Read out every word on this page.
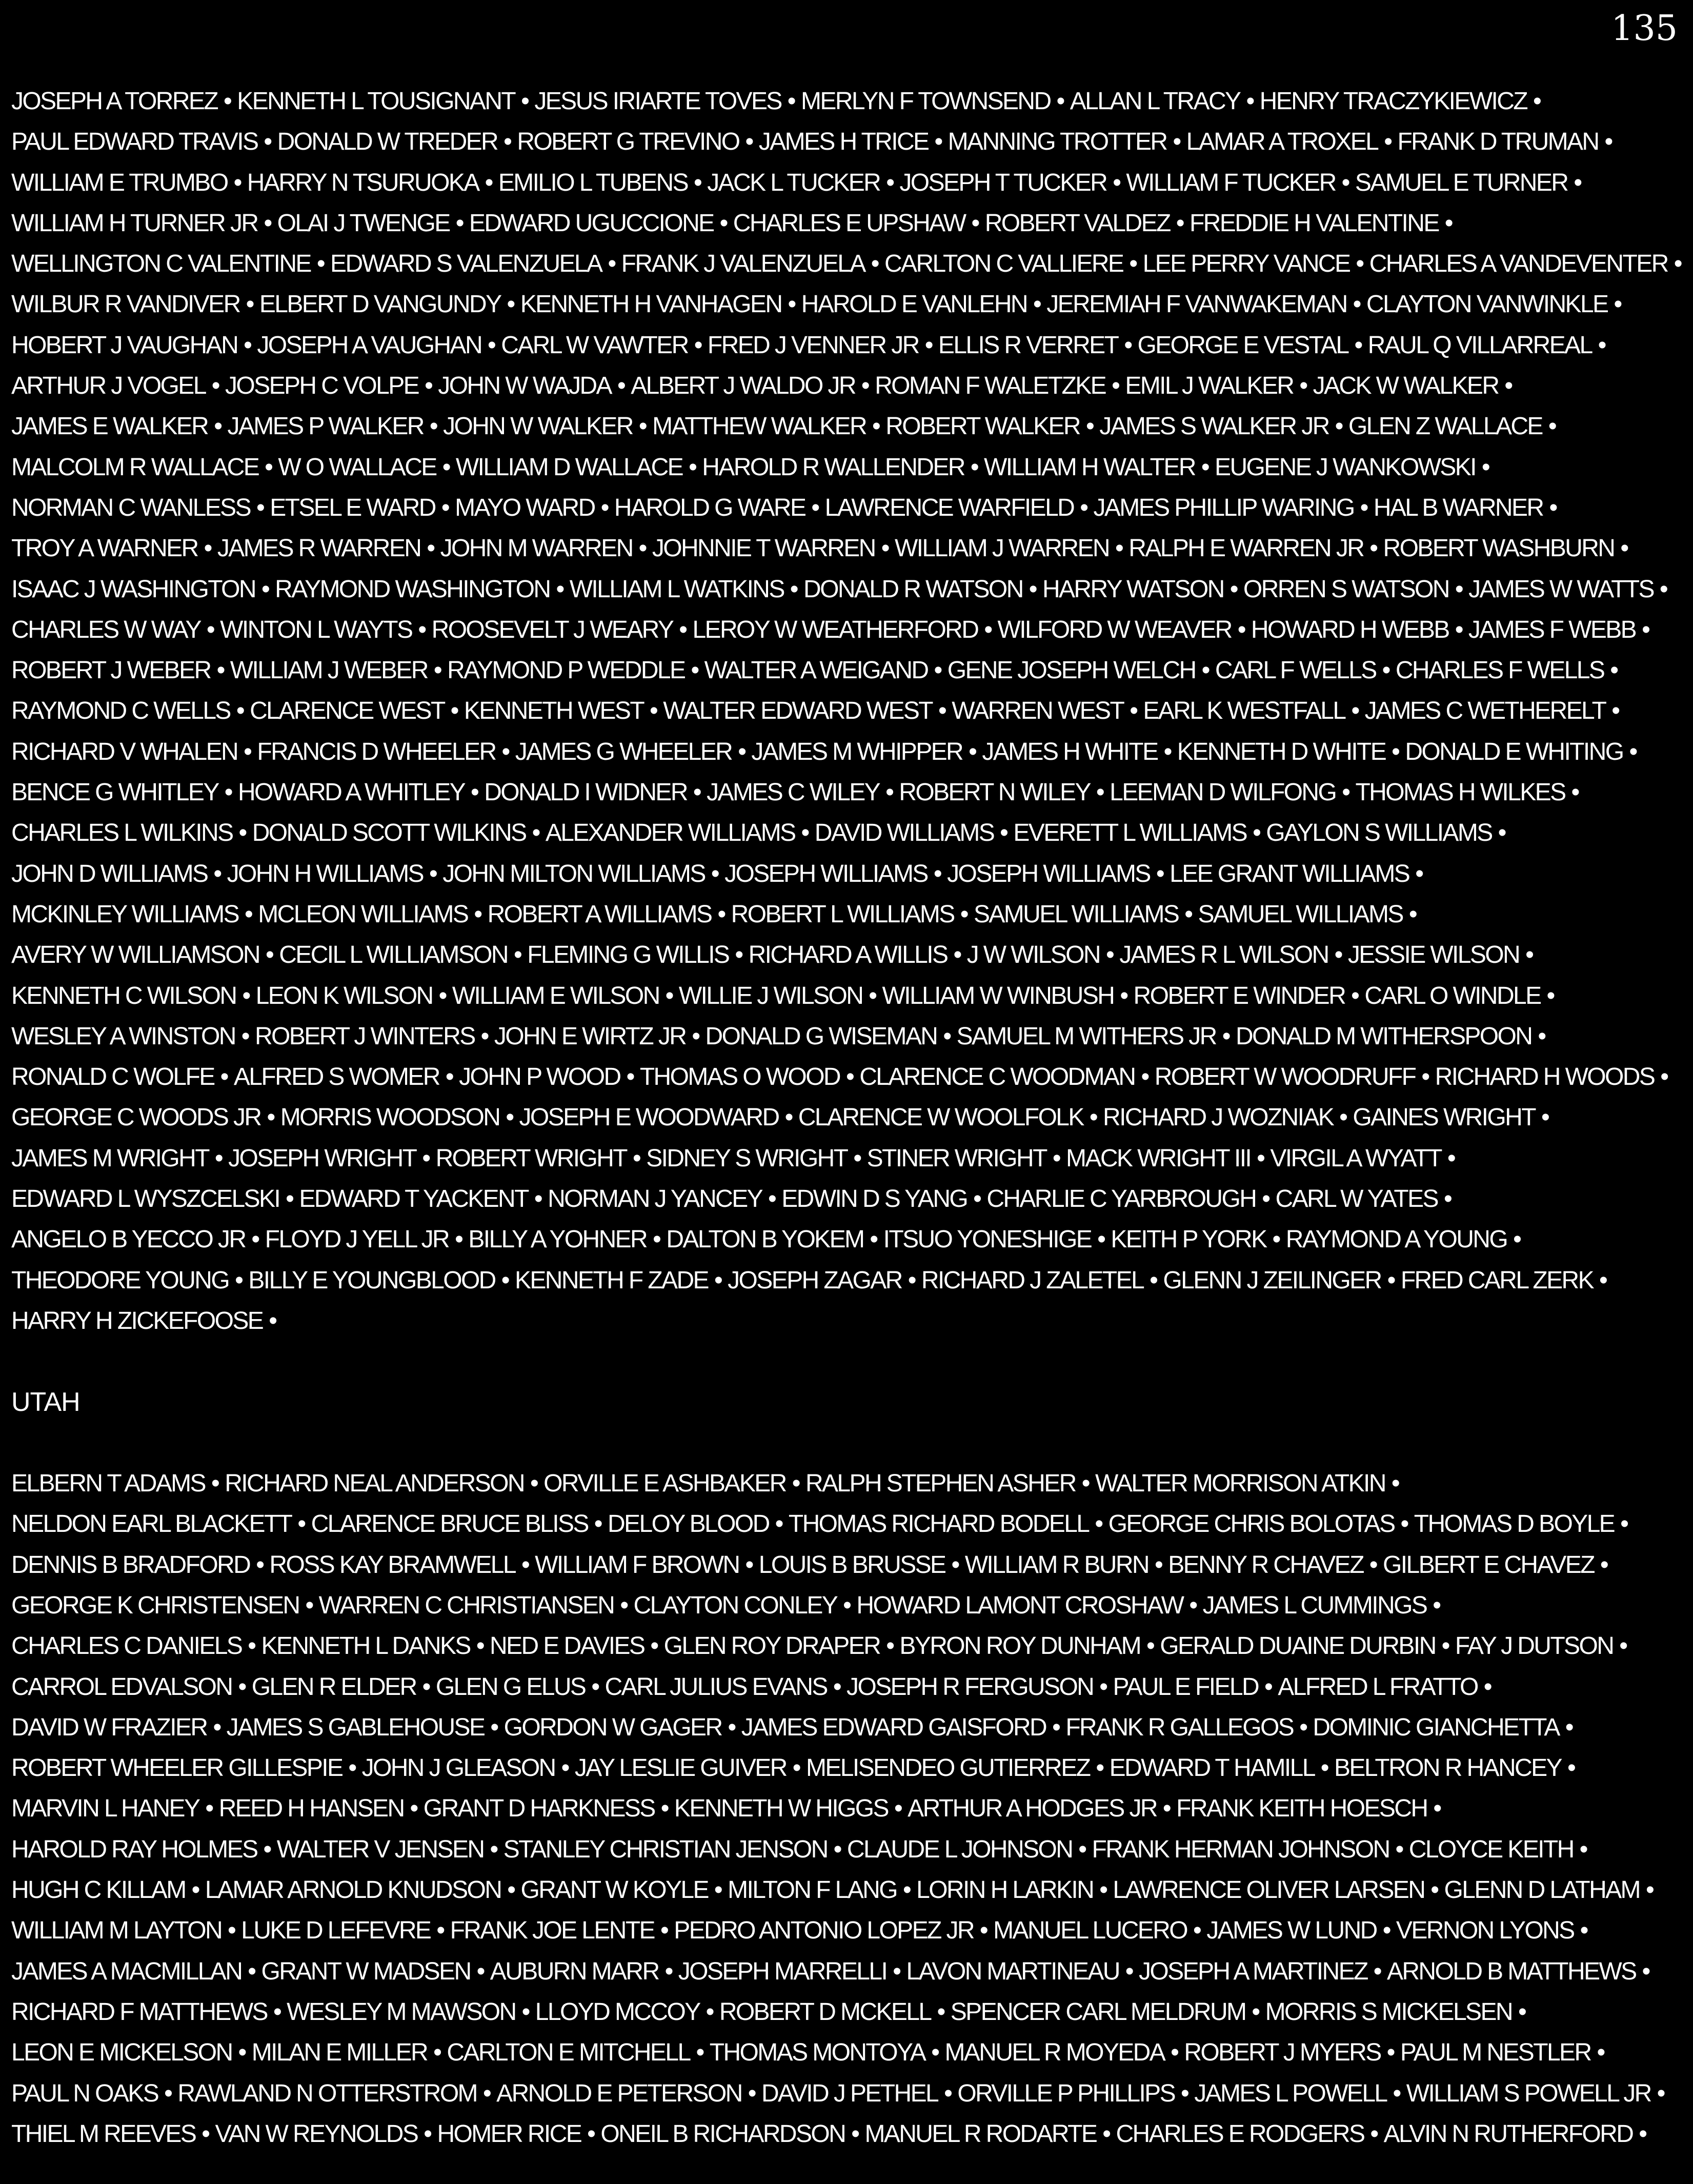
135
JOSEPH A TORREZ • KENNETH L TOUSIGNANT • JESUS IRIARTE TOVES • MERLYN F TOWNSEND • ALLAN L TRACY • HENRY TRACZYKIEWICZ •
PAUL EDWARD TRAVIS • DONALD W TREDER • ROBERT G TREVINO • JAMES H TRICE • MANNING TROTTER • LAMAR A TROXEL • FRANK D TRUMAN •
WILLIAM E TRUMBO • HARRY N TSURUOKA • EMILIO L TUBENS • JACK L TUCKER • JOSEPH T TUCKER • WILLIAM F TUCKER • SAMUEL E TURNER •
WILLIAM H TURNER JR • OLAI J TWENGE • EDWARD UGUCCIONE • CHARLES E UPSHAW • ROBERT VALDEZ • FREDDIE H VALENTINE •
WELLINGTON C VALENTINE • EDWARD S VALENZUELA • FRANK J VALENZUELA • CARLTON C VALLIERE • LEE PERRY VANCE • CHARLES A VANDEVENTER •
WILBUR R VANDIVER • ELBERT D VANGUNDY • KENNETH H VANHAGEN • HAROLD E VANLEHN • JEREMIAH F VANWAKEMAN • CLAYTON VANWINKLE •
HOBERT J VAUGHAN • JOSEPH A VAUGHAN • CARL W VAWTER • FRED J VENNER JR • ELLIS R VERRET • GEORGE E VESTAL • RAUL Q VILLARREAL •
ARTHUR J VOGEL • JOSEPH C VOLPE • JOHN W WAJDA • ALBERT J WALDO JR • ROMAN F WALETZKE • EMIL J WALKER • JACK W WALKER •
JAMES E WALKER • JAMES P WALKER • JOHN W WALKER • MATTHEW WALKER • ROBERT WALKER • JAMES S WALKER JR • GLEN Z WALLACE •
MALCOLM R WALLACE • W O WALLACE • WILLIAM D WALLACE • HAROLD R WALLENDER • WILLIAM H WALTER • EUGENE J WANKOWSKI •
NORMAN C WANLESS • ETSEL E WARD • MAYO WARD • HAROLD G WARE • LAWRENCE WARFIELD • JAMES PHILLIP WARING • HAL B WARNER •
TROY A WARNER • JAMES R WARREN • JOHN M WARREN • JOHNNIE T WARREN • WILLIAM J WARREN • RALPH E WARREN JR • ROBERT WASHBURN •
ISAAC J WASHINGTON • RAYMOND WASHINGTON • WILLIAM L WATKINS • DONALD R WATSON • HARRY WATSON • ORREN S WATSON • JAMES W WATTS •
CHARLES W WAY • WINTON L WAYTS • ROOSEVELT J WEARY • LEROY W WEATHERFORD • WILFORD W WEAVER • HOWARD H WEBB • JAMES F WEBB •
ROBERT J WEBER • WILLIAM J WEBER • RAYMOND P WEDDLE • WALTER A WEIGAND • GENE JOSEPH WELCH • CARL F WELLS • CHARLES F WELLS •
RAYMOND C WELLS • CLARENCE WEST • KENNETH WEST • WALTER EDWARD WEST • WARREN WEST • EARL K WESTFALL • JAMES C WETHERELT •
RICHARD V WHALEN • FRANCIS D WHEELER • JAMES G WHEELER • JAMES M WHIPPER • JAMES H WHITE • KENNETH D WHITE • DONALD E WHITING •
BENCE G WHITLEY • HOWARD A WHITLEY • DONALD I WIDNER • JAMES C WILEY • ROBERT N WILEY • LEEMAN D WILFONG • THOMAS H WILKES •
CHARLES L WILKINS • DONALD SCOTT WILKINS • ALEXANDER WILLIAMS • DAVID WILLIAMS • EVERETT L WILLIAMS • GAYLON S WILLIAMS •
JOHN D WILLIAMS • JOHN H WILLIAMS • JOHN MILTON WILLIAMS • JOSEPH WILLIAMS • JOSEPH WILLIAMS • LEE GRANT WILLIAMS •
MCKINLEY WILLIAMS • MCLEON WILLIAMS • ROBERT A WILLIAMS • ROBERT L WILLIAMS • SAMUEL WILLIAMS • SAMUEL WILLIAMS •
AVERY W WILLIAMSON • CECIL L WILLIAMSON • FLEMING G WILLIS • RICHARD A WILLIS • J W WILSON • JAMES R L WILSON • JESSIE WILSON •
KENNETH C WILSON • LEON K WILSON • WILLIAM E WILSON • WILLIE J WILSON • WILLIAM W WINBUSH • ROBERT E WINDER • CARL O WINDLE •
WESLEY A WINSTON • ROBERT J WINTERS • JOHN E WIRTZ JR • DONALD G WISEMAN • SAMUEL M WITHERS JR • DONALD M WITHERSPOON •
RONALD C WOLFE • ALFRED S WOMER • JOHN P WOOD • THOMAS O WOOD • CLARENCE C WOODMAN • ROBERT W WOODRUFF • RICHARD H WOODS •
GEORGE C WOODS JR • MORRIS WOODSON • JOSEPH E WOODWARD • CLARENCE W WOOLFOLK • RICHARD J WOZNIAK • GAINES WRIGHT •
JAMES M WRIGHT • JOSEPH WRIGHT • ROBERT WRIGHT • SIDNEY S WRIGHT • STINER WRIGHT • MACK WRIGHT III • VIRGIL A WYATT •
EDWARD L WYSZCELSKI • EDWARD T YACKENT • NORMAN J YANCEY • EDWIN D S YANG • CHARLIE C YARBROUGH • CARL W YATES •
ANGELO B YECCO JR • FLOYD J YELL JR • BILLY A YOHNER • DALTON B YOKEM • ITSUO YONESHIGE • KEITH P YORK • RAYMOND A YOUNG •
THEODORE YOUNG • BILLY E YOUNGBLOOD • KENNETH F ZADE • JOSEPH ZAGAR • RICHARD J ZALETEL • GLENN J ZEILINGER • FRED CARL ZERK •
HARRY H ZICKEFOOSE •
UTAH
ELBERN T ADAMS • RICHARD NEAL ANDERSON • ORVILLE E ASHBAKER • RALPH STEPHEN ASHER • WALTER MORRISON ATKIN •
NELDON EARL BLACKETT • CLARENCE BRUCE BLISS • DELOY BLOOD • THOMAS RICHARD BODELL • GEORGE CHRIS BOLOTAS • THOMAS D BOYLE •
DENNIS B BRADFORD • ROSS KAY BRAMWELL • WILLIAM F BROWN • LOUIS B BRUSSE • WILLIAM R BURN • BENNY R CHAVEZ • GILBERT E CHAVEZ •
GEORGE K CHRISTENSEN • WARREN C CHRISTIANSEN • CLAYTON CONLEY • HOWARD LAMONT CROSHAW • JAMES L CUMMINGS •
CHARLES C DANIELS • KENNETH L DANKS • NED E DAVIES • GLEN ROY DRAPER • BYRON ROY DUNHAM • GERALD DUAINE DURBIN • FAY J DUTSON •
CARROL EDVALSON • GLEN R ELDER • GLEN G ELUS • CARL JULIUS EVANS • JOSEPH R FERGUSON • PAUL E FIELD • ALFRED L FRATTO •
DAVID W FRAZIER • JAMES S GABLEHOUSE • GORDON W GAGER • JAMES EDWARD GAISFORD • FRANK R GALLEGOS • DOMINIC GIANCHETTA •
ROBERT WHEELER GILLESPIE • JOHN J GLEASON • JAY LESLIE GUIVER • MELISENDEO GUTIERREZ • EDWARD T HAMILL • BELTRON R HANCEY •
MARVIN L HANEY • REED H HANSEN • GRANT D HARKNESS • KENNETH W HIGGS • ARTHUR A HODGES JR • FRANK KEITH HOESCH •
HAROLD RAY HOLMES • WALTER V JENSEN • STANLEY CHRISTIAN JENSON • CLAUDE L JOHNSON • FRANK HERMAN JOHNSON • CLOYCE KEITH •
HUGH C KILLAM • LAMAR ARNOLD KNUDSON • GRANT W KOYLE • MILTON F LANG • LORIN H LARKIN • LAWRENCE OLIVER LARSEN • GLENN D LATHAM •
WILLIAM M LAYTON • LUKE D LEFEVRE • FRANK JOE LENTE • PEDRO ANTONIO LOPEZ JR • MANUEL LUCERO • JAMES W LUND • VERNON LYONS •
JAMES A MACMILLAN • GRANT W MADSEN • AUBURN MARR • JOSEPH MARRELLI • LAVON MARTINEAU • JOSEPH A MARTINEZ • ARNOLD B MATTHEWS •
RICHARD F MATTHEWS • WESLEY M MAWSON • LLOYD MCCOY • ROBERT D MCKELL • SPENCER CARL MELDRUM • MORRIS S MICKELSEN •
LEON E MICKELSON • MILAN E MILLER • CARLTON E MITCHELL • THOMAS MONTOYA • MANUEL R MOYEDA • ROBERT J MYERS • PAUL M NESTLER •
PAUL N OAKS • RAWLAND N OTTERSTROM • ARNOLD E PETERSON • DAVID J PETHEL • ORVILLE P PHILLIPS • JAMES L POWELL • WILLIAM S POWELL JR •
THIEL M REEVES • VAN W REYNOLDS • HOMER RICE • ONEIL B RICHARDSON • MANUEL R RODARTE • CHARLES E RODGERS • ALVIN N RUTHERFORD •
